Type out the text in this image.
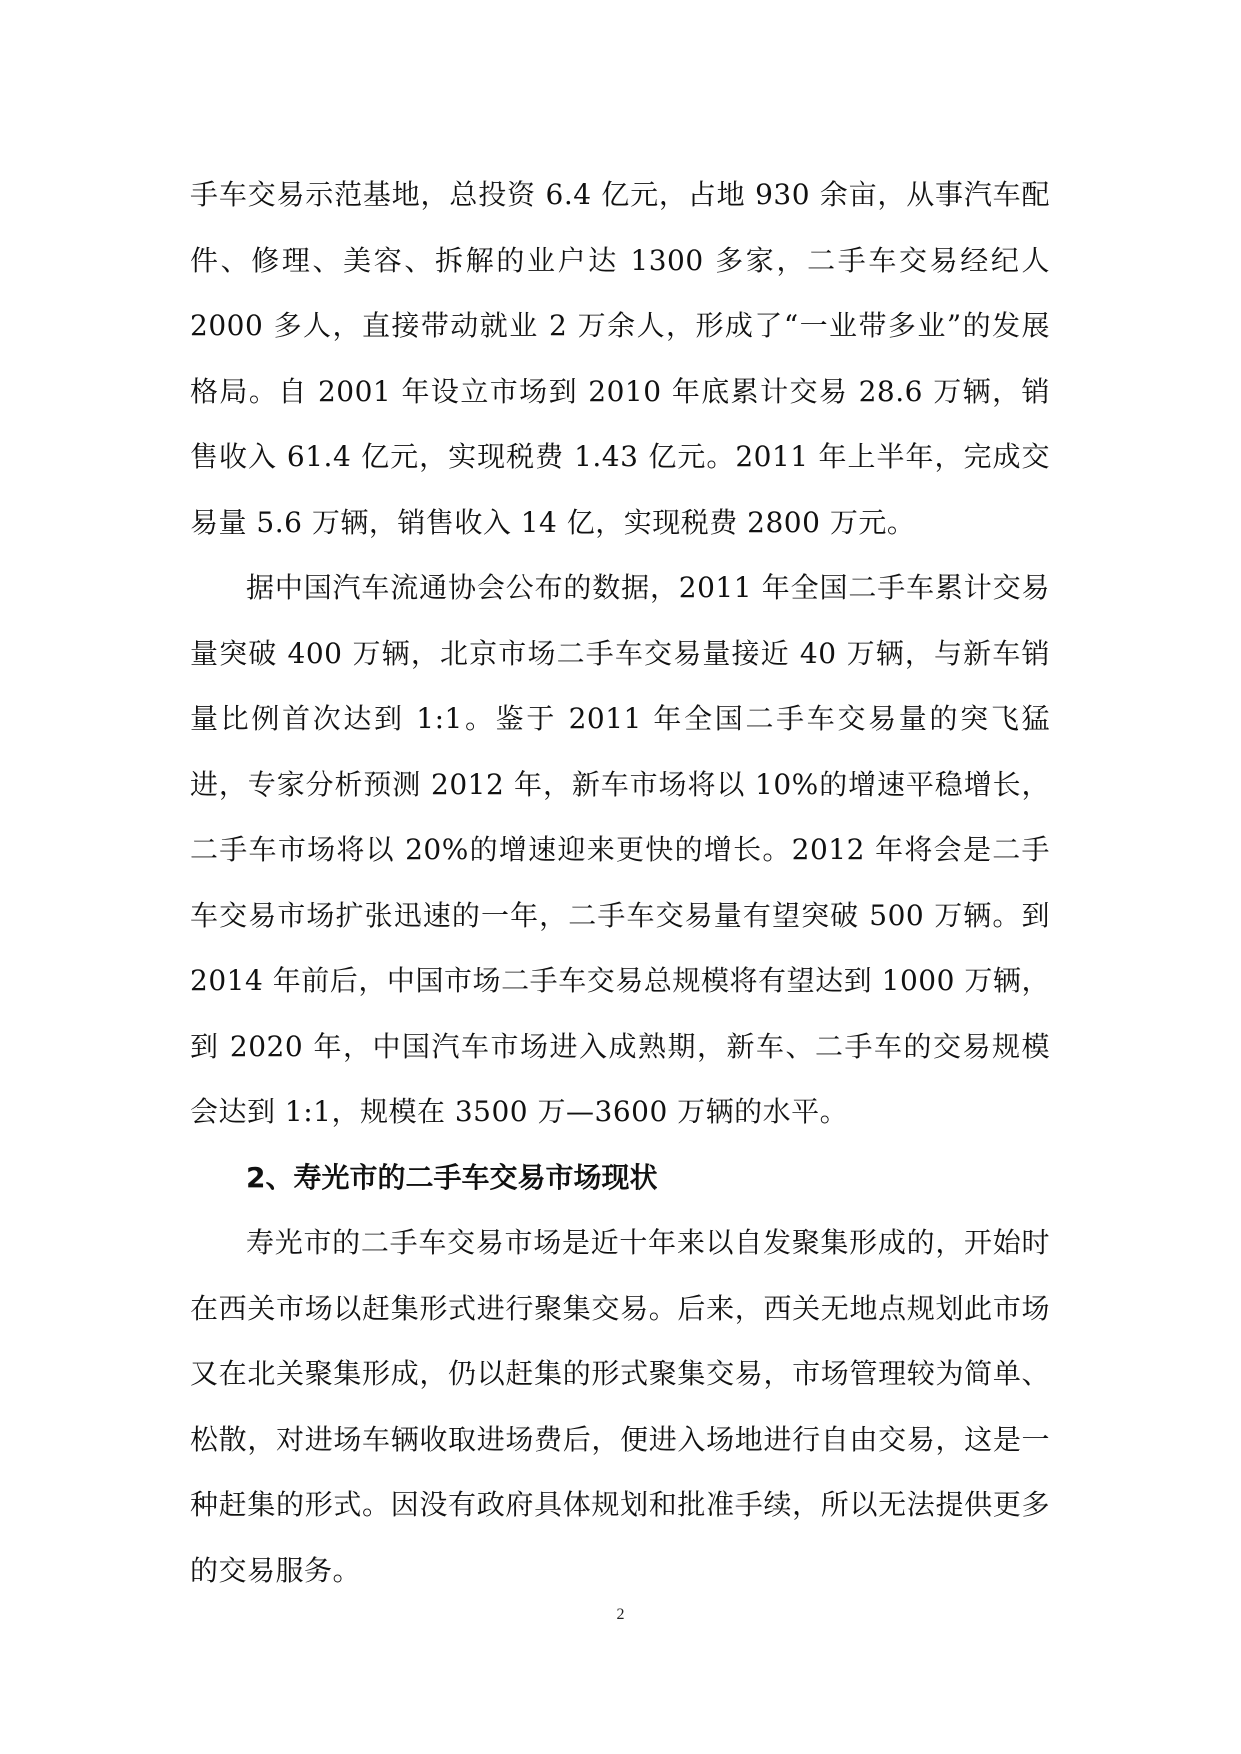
手车交易示范基地，总投资 6.4 亿元，占地 930 余亩，从事汽车配件、修理、美容、拆解的业户达 1300 多家，二手车交易经纪人 2000 多人，直接带动就业 2 万余人，形成了“一业带多业”的发展格局。自 2001 年设立市场到 2010 年底累计交易 28.6 万辆，销售收入 61.4 亿元，实现税费 1.43 亿元。2011 年上半年，完成交易量 5.6 万辆，销售收入 14 亿，实现税费 2800 万元。

据中国汽车流通协会公布的数据，2011 年全国二手车累计交易量突破 400 万辆，北京市场二手车交易量接近 40 万辆，与新车销量比例首次达到 1:1。鉴于 2011 年全国二手车交易量的突飞猛进，专家分析预测 2012 年，新车市场将以 10%的增速平稳增长，二手车市场将以 20%的增速迎来更快的增长。2012 年将会是二手车交易市场扩张迅速的一年，二手车交易量有望突破 500 万辆。到 2014 年前后，中国市场二手车交易总规模将有望达到 1000 万辆，到 2020 年，中国汽车市场进入成熟期，新车、二手车的交易规模会达到 1:1，规模在 3500 万—3600 万辆的水平。

2、寿光市的二手车交易市场现状

寿光市的二手车交易市场是近十年来以自发聚集形成的，开始时在西关市场以赶集形式进行聚集交易。后来，西关无地点规划此市场又在北关聚集形成，仍以赶集的形式聚集交易，市场管理较为简单、松散，对进场车辆收取进场费后，便进入场地进行自由交易，这是一种赶集的形式。因没有政府具体规划和批准手续，所以无法提供更多的交易服务。

2
